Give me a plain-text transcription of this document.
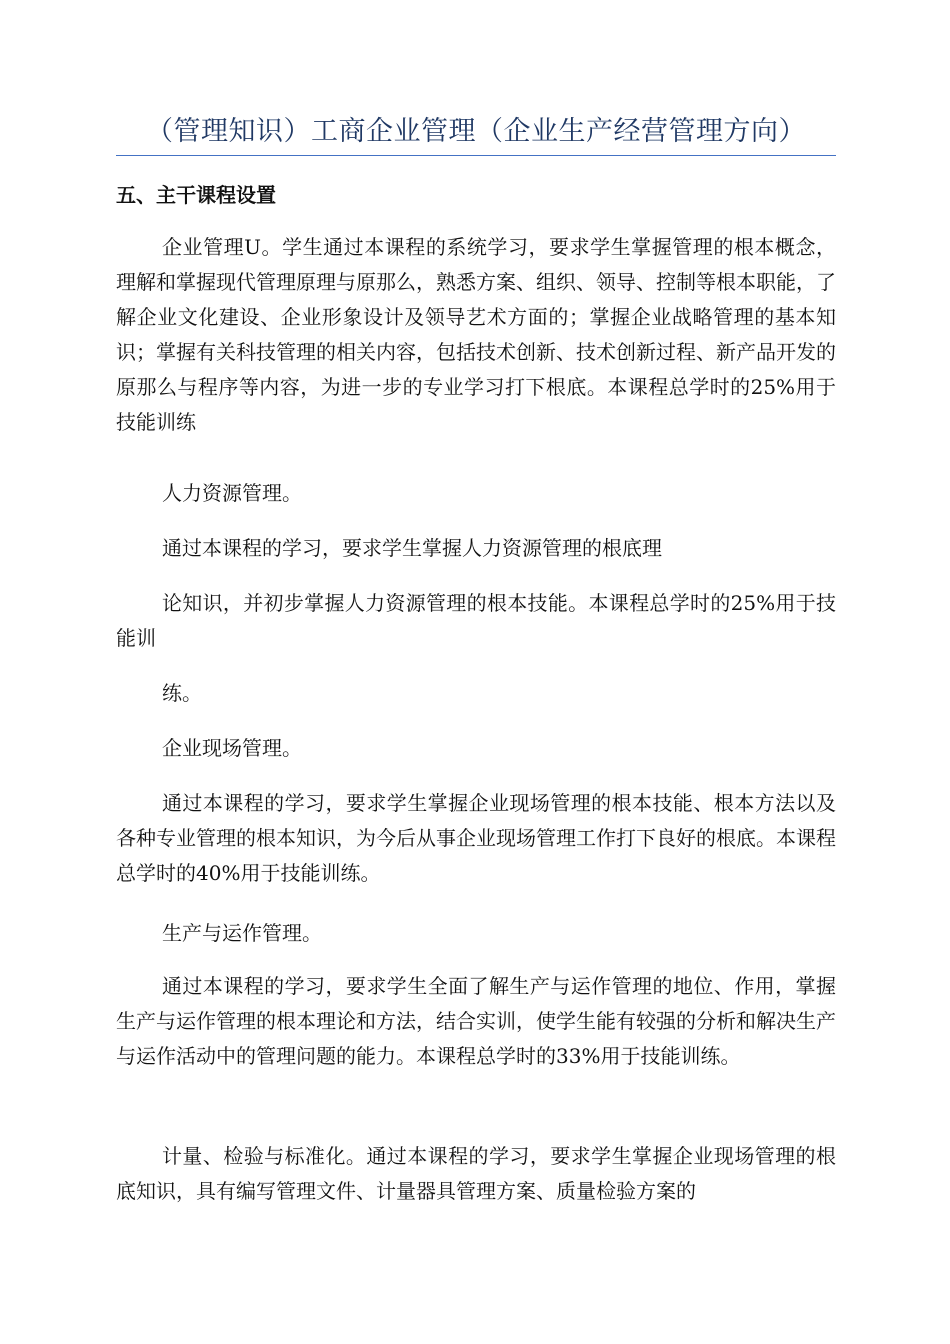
（管理知识）工商企业管理（企业生产经营管理方向）
五、主干课程设置

企业管理U。学生通过本课程的系统学习，要求学生掌握管理的根本概念，理解和掌握现代管理原理与原那么，熟悉方案、组织、领导、控制等根本职能，了解企业文化建设、企业形象设计及领导艺术方面的；掌握企业战略管理的基本知识；掌握有关科技管理的相关内容，包括技术创新、技术创新过程、新产品开发的原那么与程序等内容，为进一步的专业学习打下根底。本课程总学时的25%用于技能训练

人力资源管理。

通过本课程的学习，要求学生掌握人力资源管理的根底理

论知识，并初步掌握人力资源管理的根本技能。本课程总学时的25%用于技能训

练。

企业现场管理。

通过本课程的学习，要求学生掌握企业现场管理的根本技能、根本方法以及各种专业管理的根本知识，为今后从事企业现场管理工作打下良好的根底。本课程总学时的40%用于技能训练。

生产与运作管理。

通过本课程的学习，要求学生全面了解生产与运作管理的地位、作用，掌握生产与运作管理的根本理论和方法，结合实训，使学生能有较强的分析和解决生产与运作活动中的管理问题的能力。本课程总学时的33%用于技能训练。

计量、检验与标准化。通过本课程的学习，要求学生掌握企业现场管理的根底知识，具有编写管理文件、计量器具管理方案、质量检验方案的
